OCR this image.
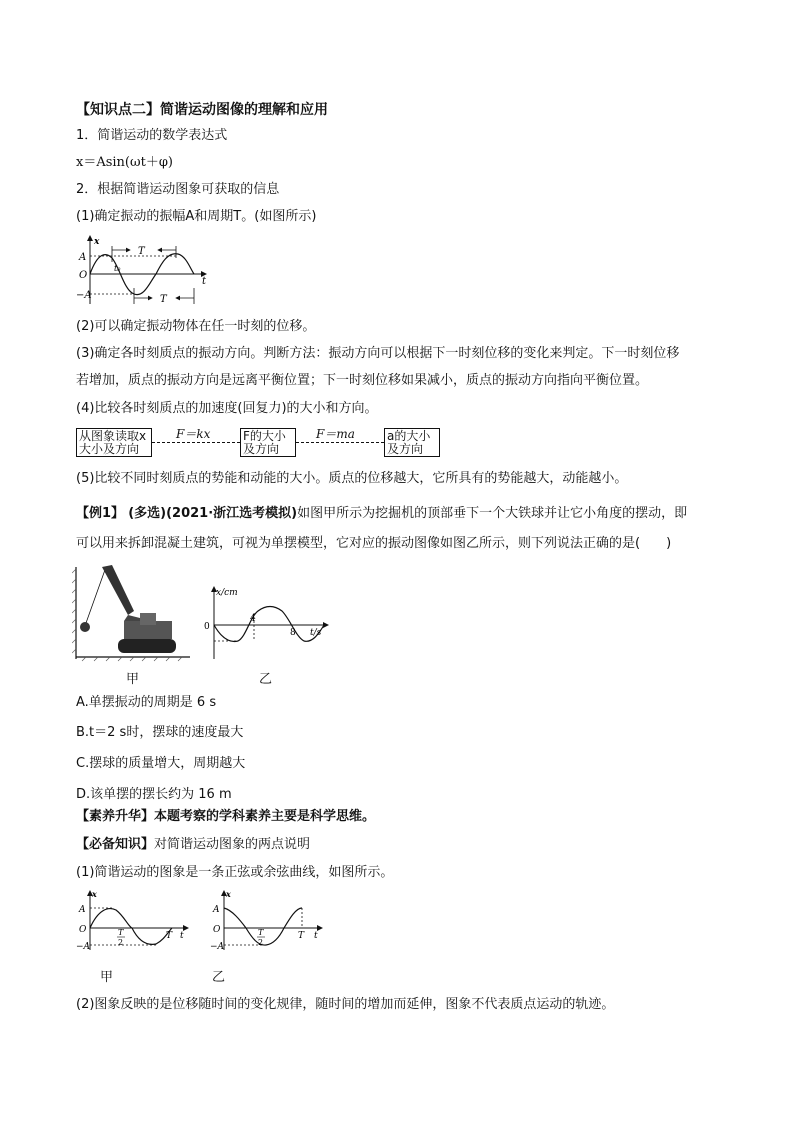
【知识点二】简谐运动图像的理解和应用
1．简谐运动的数学表达式
x＝Asin(ωt＋φ)
2．根据简谐运动图象可获取的信息
(1)确定振动的振幅A和周期T。(如图所示)
x
A
O
−A
T
T
t₀
t
(2)可以确定振动物体在任一时刻的位移。
(3)确定各时刻质点的振动方向。判断方法：振动方向可以根据下一时刻位移的变化来判定。下一时刻位移
若增加，质点的振动方向是远离平衡位置；下一时刻位移如果减小，质点的振动方向指向平衡位置。
(4)比较各时刻质点的加速度(回复力)的大小和方向。
从图象读取x
大小及方向
F＝kx	F的大小
及方向
F＝ma	a的大小
及方向
(5)比较不同时刻质点的势能和动能的大小。质点的位移越大，它所具有的势能越大，动能越小。
【例1】 (多选)(2021·浙江选考模拟)如图甲所示为挖掘机的顶部垂下一个大铁球并让它小角度的摆动，即
可以用来拆卸混凝土建筑，可视为单摆模型，它对应的振动图像如图乙所示，则下列说法正确的是(　　)
甲
x/cm
0
4
8 t/s
乙
A.单摆振动的周期是 6 s
B.t＝2 s时，摆球的速度最大
C.摆球的质量增大，周期越大
D.该单摆的摆长约为 16 m
【素养升华】本题考察的学科素养主要是科学思维。
【必备知识】对简谐运动图象的两点说明
(1)简谐运动的图象是一条正弦或余弦曲线，如图所示。
x
A
O
−A
T
2
T t
甲
x
A
O
−A
T
2
T t
乙
(2)图象反映的是位移随时间的变化规律，随时间的增加而延伸，图象不代表质点运动的轨迹。
